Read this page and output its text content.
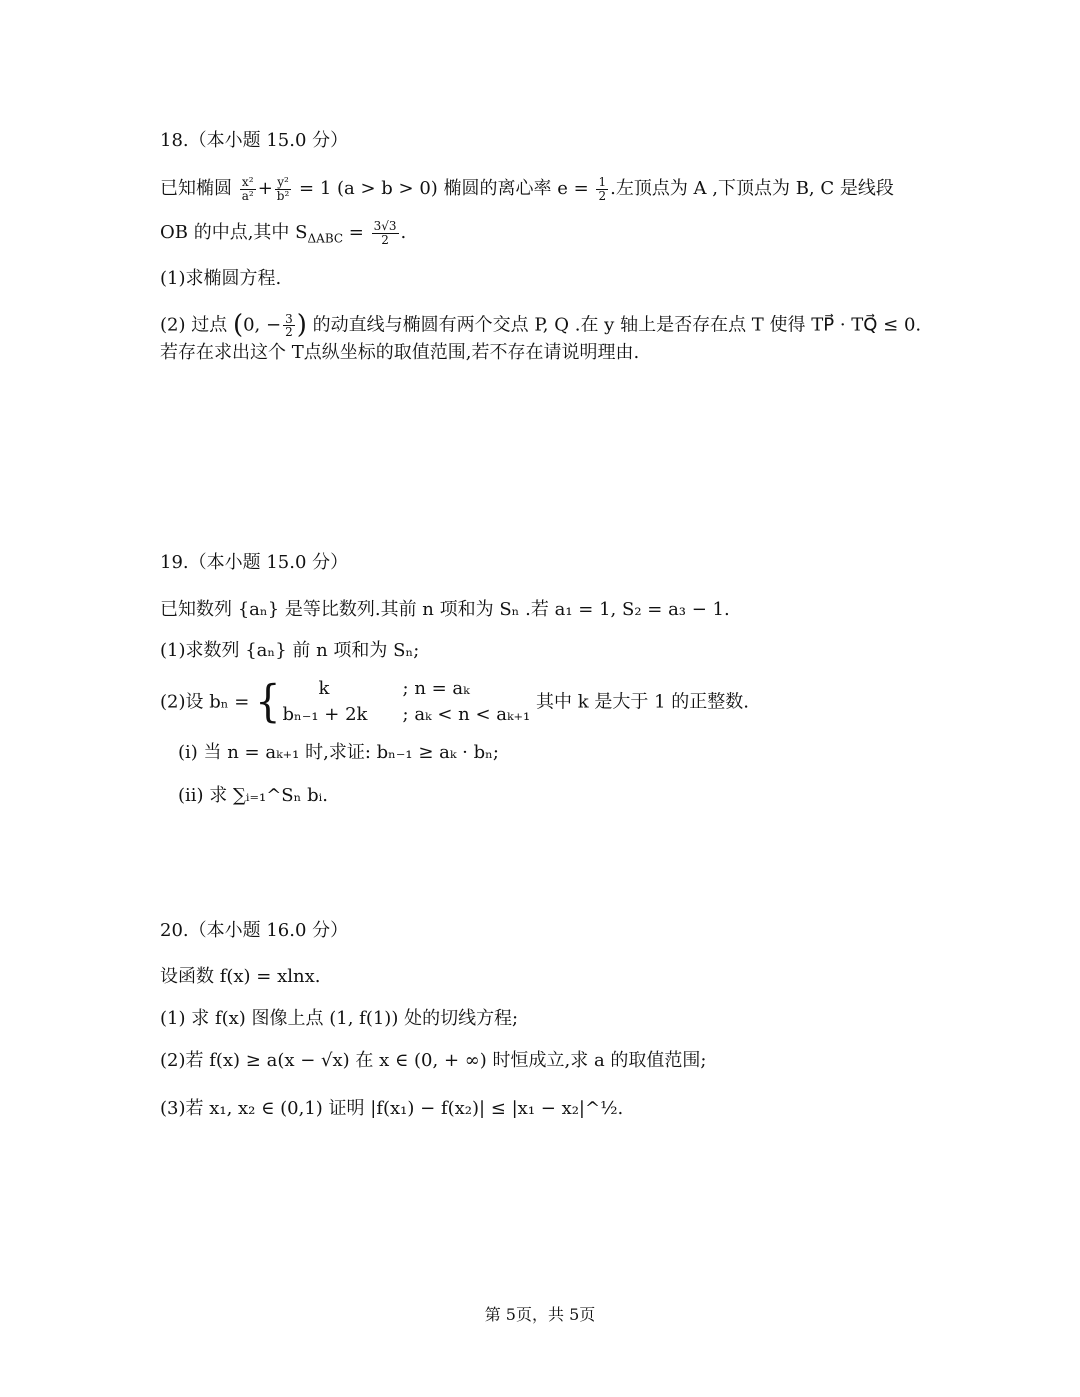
18.（本小题 15.0 分）
已知椭圆 $\frac{\text{x²}}{\text{a²}} + \frac{\text{y²}}{\text{b²}} = 1$ (a > b > 0) 椭圆的离心率 $e = \frac{1}{2}$ .左顶点为 A ,下顶点为 B, C 是线段
OB 的中点,其中 $S_{\Delta ABC} = \frac{3√3}{2}$ .
(1)求椭圆方程.
(2) 过点 (0, − $\frac{3}{2}$ ) 的动直线与椭圆有两个交点 P, Q .在 y 轴上是否存在点 T 使得 TP⃗ · TQ⃗ ≤ 0.
若存在求出这个 T点纵坐标的取值范围,若不存在请说明理由.
19.（本小题 15.0 分）
已知数列 {aₙ} 是等比数列.其前 n 项和为 Sₙ .若 a₁ = 1, S₂ = a₃ − 1.
(1)求数列 {aₙ} 前 n 项和为 Sₙ;
(2)设 bₙ = {	k	; n = aₖ
bₙ₋₁ + 2k ; aₖ < n < aₖ₊₁
其中 k 是大于 1 的正整数.
(i) 当 n = aₖ₊₁ 时,求证: bₙ₋₁ ≥ aₖ · bₙ;
(ii) 求 ∑ᵢ₌₁^Sₙ bᵢ.
20.（本小题 16.0 分）
设函数 f(x) = xlnx.
(1) 求 f(x) 图像上点 (1, f(1)) 处的切线方程;
(2)若 f(x) ≥ a(x − √x) 在 x ∈ (0, + ∞) 时恒成立,求 a 的取值范围;
(3)若 x₁, x₂ ∈ (0,1) 证明 |f(x₁) − f(x₂)| ≤ |x₁ − x₂|^½.
第 5页，共 5页
